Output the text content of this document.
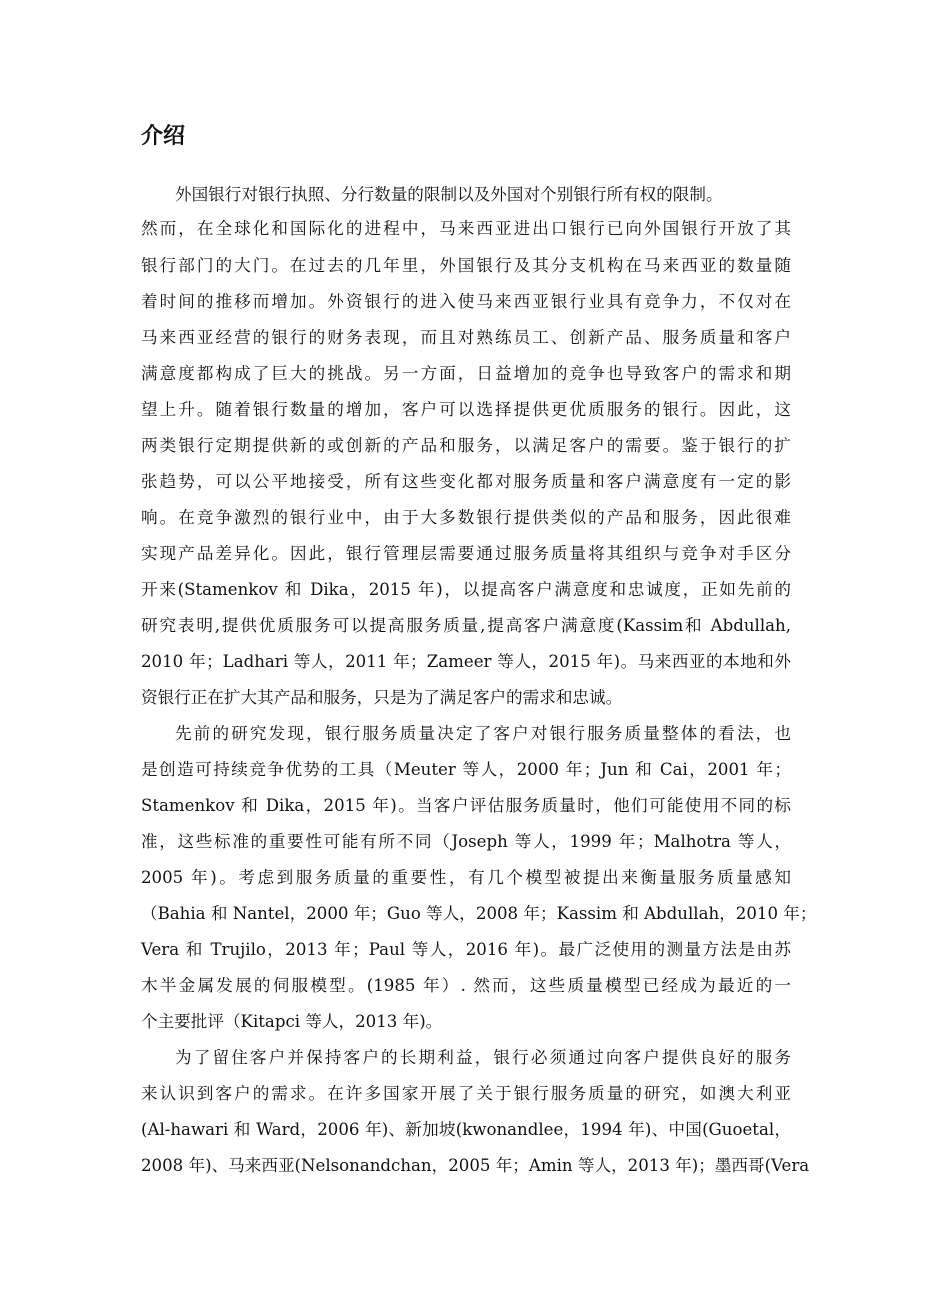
介绍

外国银行对银行执照、分行数量的限制以及外国对个别银行所有权的限制。

然而，在全球化和国际化的进程中，马来西亚进出口银行已向外国银行开放了其

银行部门的大门。在过去的几年里，外国银行及其分支机构在马来西亚的数量随

着时间的推移而增加。外资银行的进入使马来西亚银行业具有竞争力，不仅对在

马来西亚经营的银行的财务表现，而且对熟练员工、创新产品、服务质量和客户

满意度都构成了巨大的挑战。另一方面，日益增加的竞争也导致客户的需求和期

望上升。随着银行数量的增加，客户可以选择提供更优质服务的银行。因此，这

两类银行定期提供新的或创新的产品和服务，以满足客户的需要。鉴于银行的扩

张趋势，可以公平地接受，所有这些变化都对服务质量和客户满意度有一定的影

响。在竞争激烈的银行业中，由于大多数银行提供类似的产品和服务，因此很难

实现产品差异化。因此，银行管理层需要通过服务质量将其组织与竞争对手区分

开来(Stamenkov 和 Dika，2015 年)，以提高客户满意度和忠诚度，正如先前的

研究表明,提供优质服务可以提高服务质量,提高客户满意度(Kassim和 Abdullah,

2010 年；Ladhari 等人，2011 年；Zameer 等人，2015 年)。马来西亚的本地和外

资银行正在扩大其产品和服务，只是为了满足客户的需求和忠诚。

先前的研究发现，银行服务质量决定了客户对银行服务质量整体的看法，也

是创造可持续竞争优势的工具（Meuter 等人，2000 年；Jun 和 Cai，2001 年；

Stamenkov 和 Dika，2015 年)。当客户评估服务质量时，他们可能使用不同的标

准，这些标准的重要性可能有所不同（Joseph 等人，1999 年；Malhotra 等人，

2005 年)。考虑到服务质量的重要性，有几个模型被提出来衡量服务质量感知

（Bahia 和 Nantel，2000 年；Guo 等人，2008 年；Kassim 和 Abdullah，2010 年；

Vera 和 Trujilo，2013 年；Paul 等人，2016 年)。最广泛使用的测量方法是由苏

木半金属发展的伺服模型。(1985 年）. 然而，这些质量模型已经成为最近的一

个主要批评（Kitapci 等人，2013 年)。

为了留住客户并保持客户的长期利益，银行必须通过向客户提供良好的服务

来认识到客户的需求。在许多国家开展了关于银行服务质量的研究，如澳大利亚

(Al-hawari 和 Ward，2006 年)、新加坡(kwonandlee，1994 年)、中国(Guoetal，

2008 年)、马来西亚(Nelsonandchan，2005 年；Amin 等人，2013 年)；墨西哥(Vera
